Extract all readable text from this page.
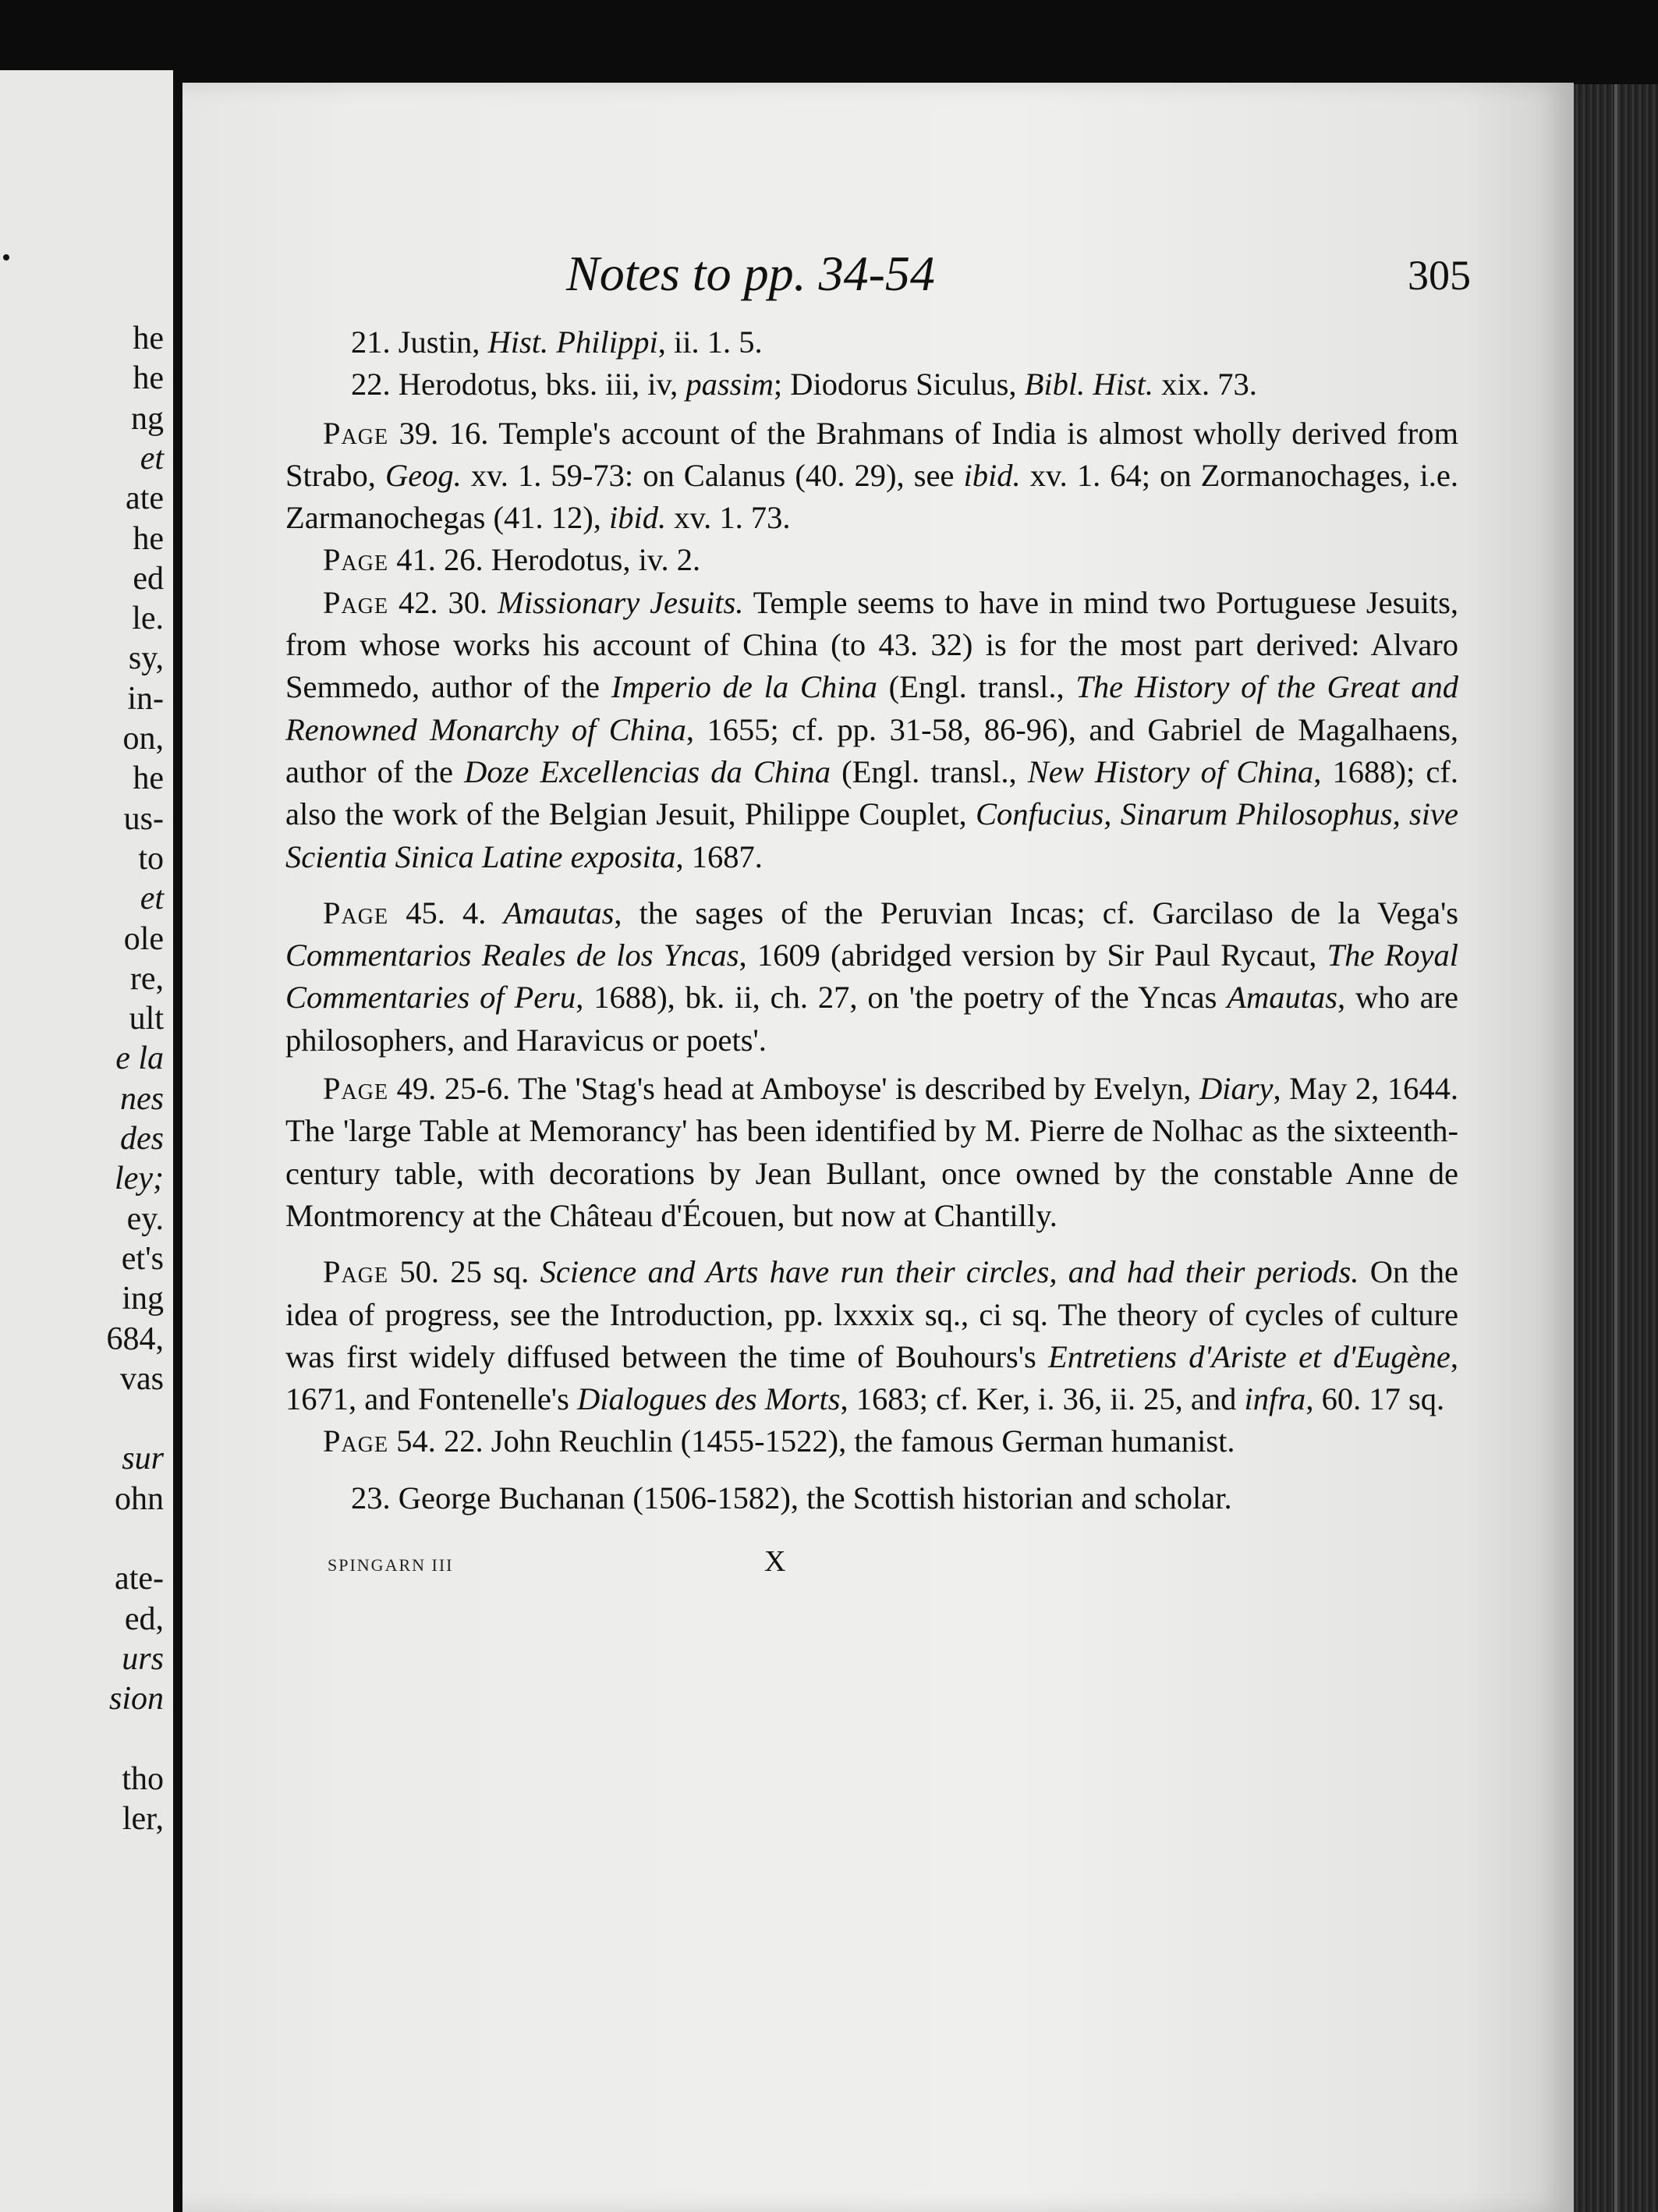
he
he
ng
et
ate
he
ed
le.
sy,
in-
on,
he
us-
to
et
ole
re,
ult
e la
nes
des
ley;
ey.
et's
ing
684,
vas
sur
ohn
ate-
ed,
urs
sion
tho
ler,
Notes to pp. 34-54	305

21. Justin, Hist. Philippi, ii. 1. 5.

22. Herodotus, bks. iii, iv, passim; Diodorus Siculus, Bibl. Hist. xix. 73.

Page 39. 16. Temple's account of the Brahmans of India is almost wholly derived from Strabo, Geog. xv. 1. 59-73: on Calanus (40. 29), see ibid. xv. 1. 64; on Zormanochages, i.e. Zarmanochegas (41. 12), ibid. xv. 1. 73.

Page 41. 26. Herodotus, iv. 2.

Page 42. 30. Missionary Jesuits. Temple seems to have in mind two Portuguese Jesuits, from whose works his account of China (to 43. 32) is for the most part derived: Alvaro Semmedo, author of the Imperio de la China (Engl. transl., The History of the Great and Renowned Monarchy of China, 1655; cf. pp. 31-58, 86-96), and Gabriel de Magalhaens, author of the Doze Excellencias da China (Engl. transl., New History of China, 1688); cf. also the work of the Belgian Jesuit, Philippe Couplet, Confucius, Sinarum Philosophus, sive Scientia Sinica Latine exposita, 1687.

Page 45. 4. Amautas, the sages of the Peruvian Incas; cf. Garcilaso de la Vega's Commentarios Reales de los Yncas, 1609 (abridged version by Sir Paul Rycaut, The Royal Commentaries of Peru, 1688), bk. ii, ch. 27, on 'the poetry of the Yncas Amautas, who are philosophers, and Haravicus or poets'.

Page 49. 25-6. The 'Stag's head at Amboyse' is described by Evelyn, Diary, May 2, 1644. The 'large Table at Memorancy' has been identified by M. Pierre de Nolhac as the sixteenth-century table, with decorations by Jean Bullant, once owned by the constable Anne de Montmorency at the Château d'Écouen, but now at Chantilly.

Page 50. 25 sq. Science and Arts have run their circles, and had their periods. On the idea of progress, see the Introduction, pp. lxxxix sq., ci sq. The theory of cycles of culture was first widely diffused between the time of Bouhours's Entretiens d'Ariste et d'Eugène, 1671, and Fontenelle's Dialogues des Morts, 1683; cf. Ker, i. 36, ii. 25, and infra, 60. 17 sq.

Page 54. 22. John Reuchlin (1455-1522), the famous German humanist.

23. George Buchanan (1506-1582), the Scottish historian and scholar.

SPINGARN III	X
